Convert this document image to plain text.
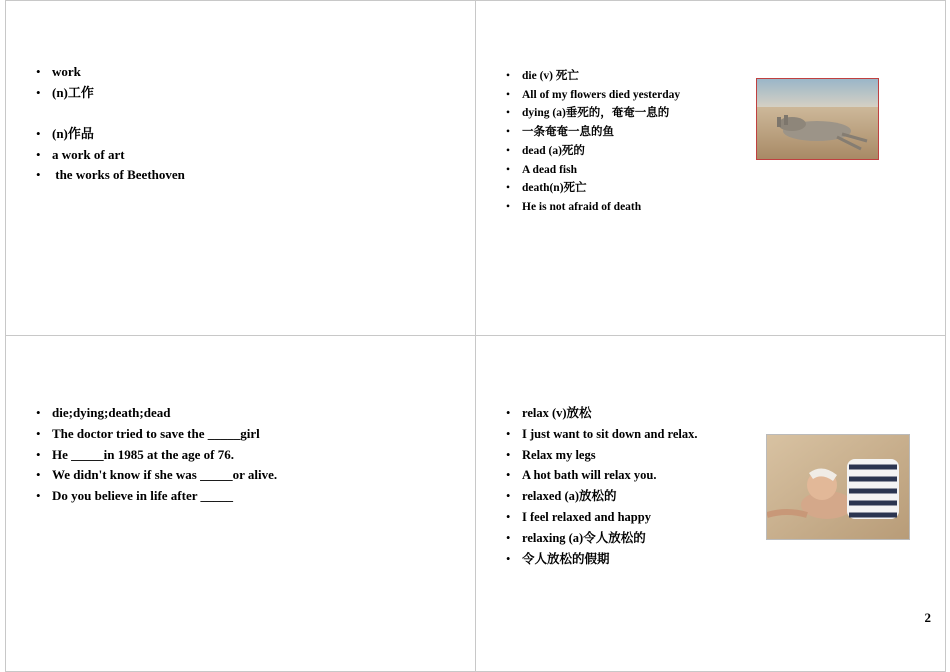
• work
• (n)工作
• (n)作品
• a work of art
•  the works of Beethoven
• die (v) 死亡
• All of my flowers died yesterday
• dying (a)垂死的，奄奄一息的
• 一条奄奄一息的鱼
• dead (a)死的
• A dead fish
• death(n)死亡
• He is not afraid of death
• die;dying;death;dead
• The doctor tried to save the _____girl
• He _____in 1985 at the age of 76.
• We didn't know if she was _____or alive.
• Do you believe in life after _____
• relax (v)放松
• I just want to sit down and relax.
• Relax my legs
• A hot bath will relax you.
• relaxed (a)放松的
• I feel relaxed and happy
• relaxing (a)令人放松的
• 令人放松的假期
2
